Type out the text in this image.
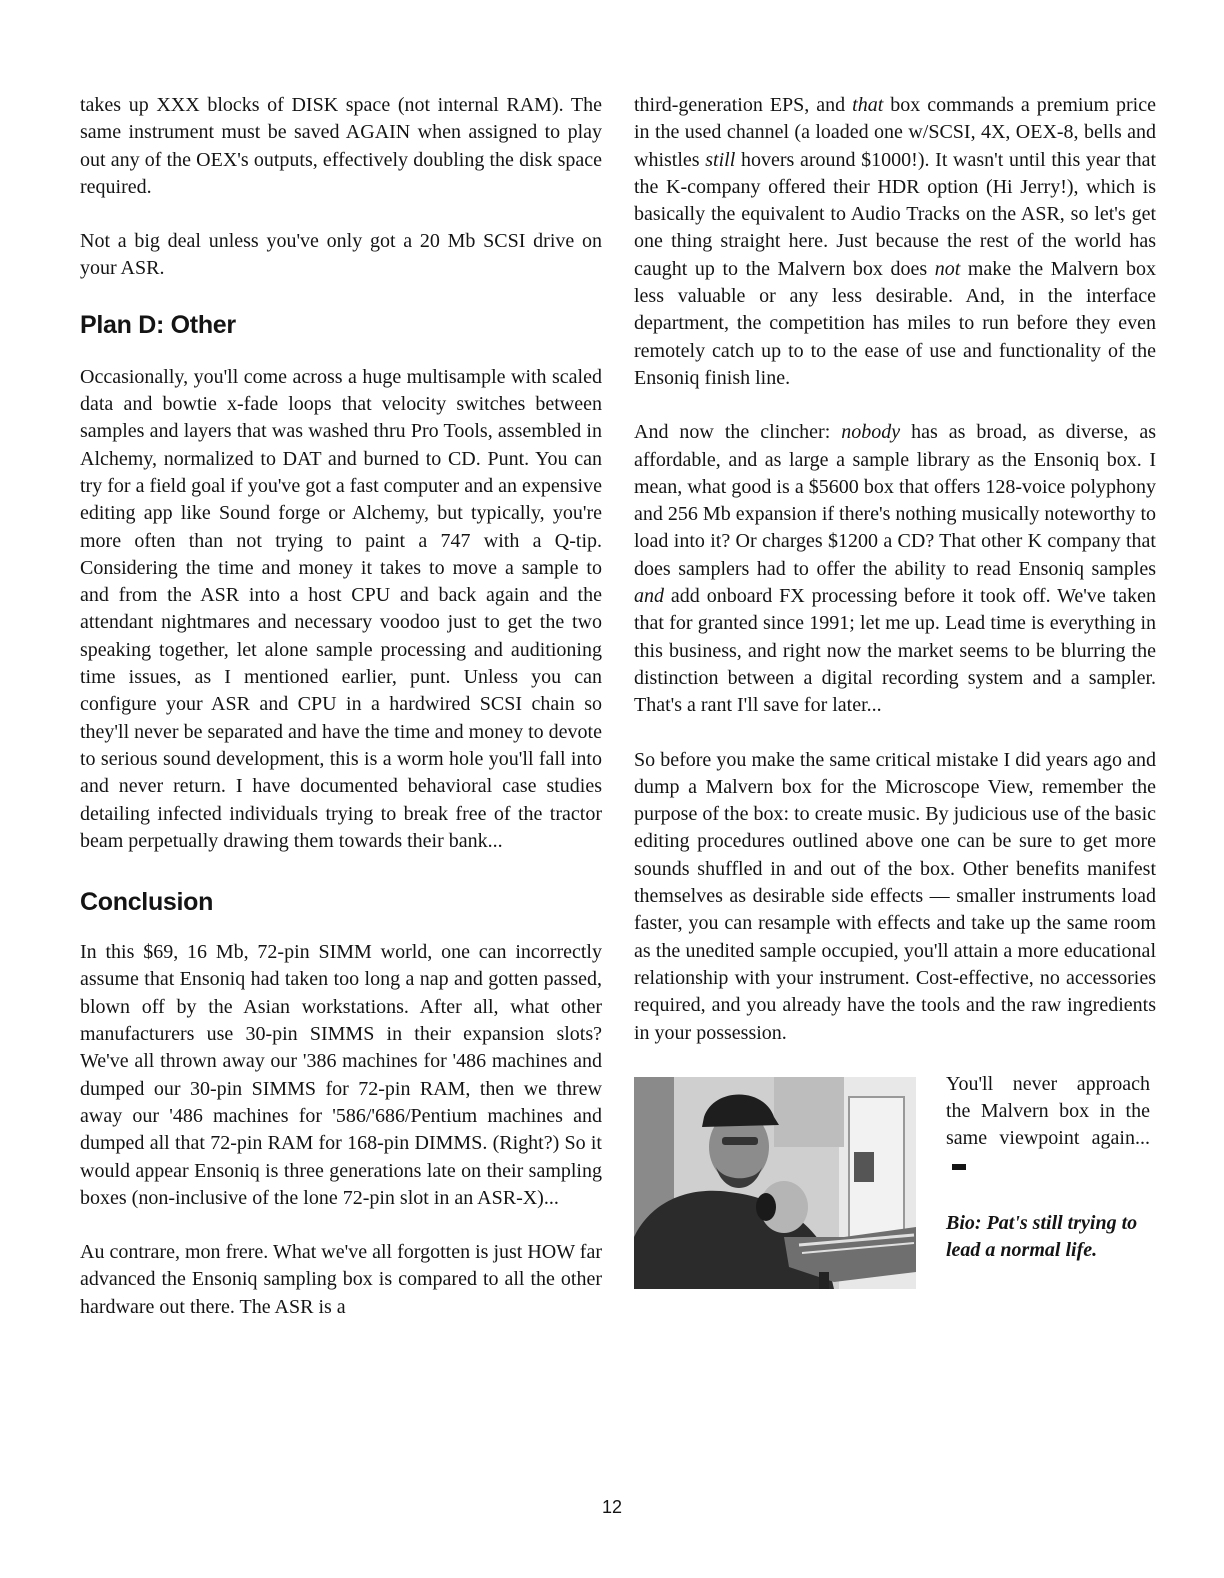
takes up XXX blocks of DISK space (not internal RAM). The same instrument must be saved AGAIN when assigned to play out any of the OEX's outputs, effectively doubling the disk space required.

Not a big deal unless you've only got a 20 Mb SCSI drive on your ASR.

Plan D: Other

Occasionally, you'll come across a huge multisample with scaled data and bowtie x-fade loops that velocity switches between samples and layers that was washed thru Pro Tools, assembled in Alchemy, normalized to DAT and burned to CD. Punt. You can try for a field goal if you've got a fast computer and an expensive editing app like Sound forge or Alchemy, but typically, you're more often than not trying to paint a 747 with a Q-tip. Considering the time and money it takes to move a sample to and from the ASR into a host CPU and back again and the attendant nightmares and necessary voodoo just to get the two speaking together, let alone sample processing and auditioning time issues, as I mentioned earlier, punt. Unless you can configure your ASR and CPU in a hardwired SCSI chain so they'll never be separated and have the time and money to devote to serious sound development, this is a worm hole you'll fall into and never return. I have documented behavioral case studies detailing infected individuals trying to break free of the tractor beam perpetually drawing them towards their bank...

Conclusion

In this $69, 16 Mb, 72-pin SIMM world, one can incorrectly assume that Ensoniq had taken too long a nap and gotten passed, blown off by the Asian workstations. After all, what other manufacturers use 30-pin SIMMS in their expansion slots? We've all thrown away our '386 machines for '486 machines and dumped our 30-pin SIMMS for 72-pin RAM, then we threw away our '486 machines for '586/'686/Pentium machines and dumped all that 72-pin RAM for 168-pin DIMMS. (Right?) So it would appear Ensoniq is three generations late on their sampling boxes (non-inclusive of the lone 72-pin slot in an ASR-X)...

Au contrare, mon frere. What we've all forgotten is just HOW far advanced the Ensoniq sampling box is compared to all the other hardware out there. The ASR is a

third-generation EPS, and that box commands a premium price in the used channel (a loaded one w/SCSI, 4X, OEX-8, bells and whistles still hovers around $1000!). It wasn't until this year that the K-company offered their HDR option (Hi Jerry!), which is basically the equivalent to Audio Tracks on the ASR, so let's get one thing straight here. Just because the rest of the world has caught up to the Malvern box does not make the Malvern box less valuable or any less desirable. And, in the interface department, the competition has miles to run before they even remotely catch up to to the ease of use and functionality of the Ensoniq finish line.

And now the clincher: nobody has as broad, as diverse, as affordable, and as large a sample library as the Ensoniq box. I mean, what good is a $5600 box that offers 128-voice polyphony and 256 Mb expansion if there's nothing musically noteworthy to load into it? Or charges $1200 a CD? That other K company that does samplers had to offer the ability to read Ensoniq samples and add onboard FX processing before it took off. We've taken that for granted since 1991; let me up. Lead time is everything in this business, and right now the market seems to be blurring the distinction between a digital recording system and a sampler. That's a rant I'll save for later...

So before you make the same critical mistake I did years ago and dump a Malvern box for the Microscope View, remember the purpose of the box: to create music. By judicious use of the basic editing procedures outlined above one can be sure to get more sounds shuffled in and out of the box. Other benefits manifest themselves as desirable side effects — smaller instruments load faster, you can resample with effects and take up the same room as the unedited sample occupied, you'll attain a more educational relationship with your instrument. Cost-effective, no accessories required, and you already have the tools and the raw ingredients in your possession.

You'll never approach the Malvern box in the same viewpoint again...

Bio: Pat's still trying to lead a normal life.

12
